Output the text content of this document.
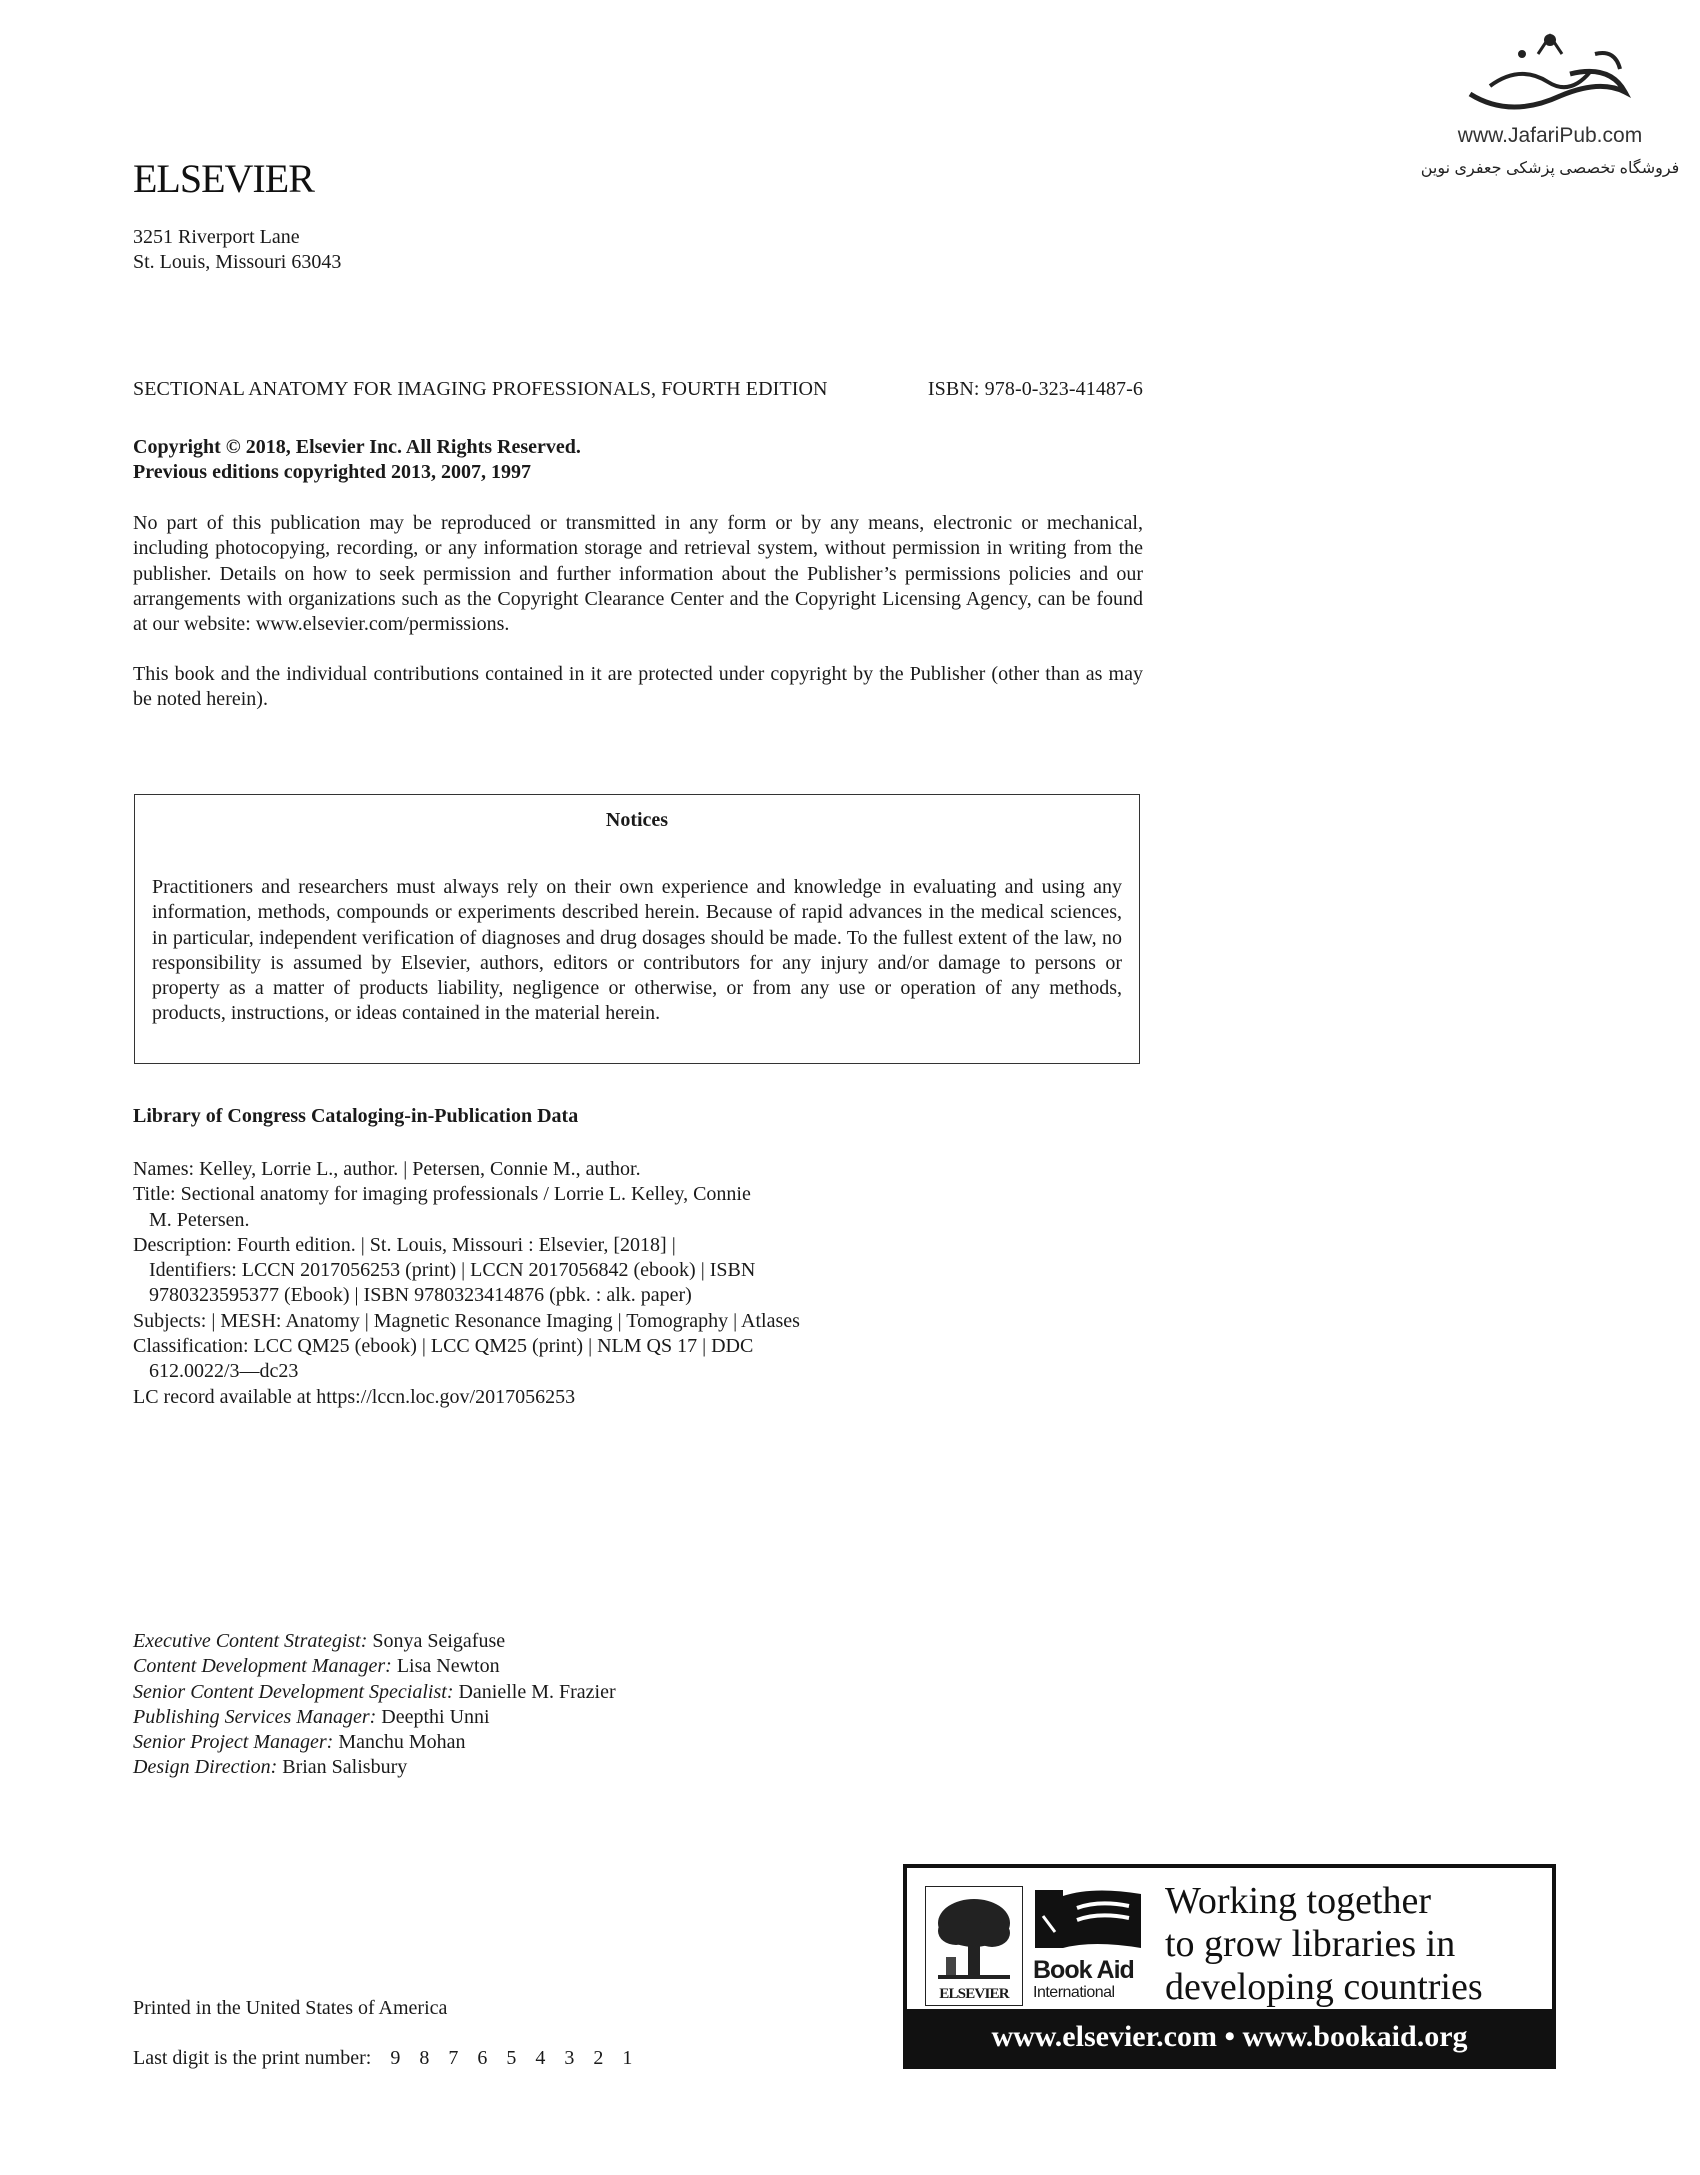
www.JafariPub.com
فروشگاه تخصصی پزشکی جعفری نوین
ELSEVIER
3251 Riverport Lane
St. Louis, Missouri 63043
SECTIONAL ANATOMY FOR IMAGING PROFESSIONALS, FOURTH EDITION	ISBN: 978-0-323-41487-6
Copyright © 2018, Elsevier Inc. All Rights Reserved.
Previous editions copyrighted 2013, 2007, 1997
No part of this publication may be reproduced or transmitted in any form or by any means, electronic or mechanical, including photocopying, recording, or any information storage and retrieval system, without permission in writing from the publisher. Details on how to seek permission and further information about the Publisher’s permissions policies and our arrangements with organizations such as the Copyright Clearance Center and the Copyright Licensing Agency, can be found at our website: www.elsevier.com/permissions.
This book and the individual contributions contained in it are protected under copyright by the Publisher (other than as may be noted herein).
Notices
Practitioners and researchers must always rely on their own experience and knowledge in evaluating and using any information, methods, compounds or experiments described herein. Because of rapid advances in the medical sciences, in particular, independent verification of diagnoses and drug dosages should be made. To the fullest extent of the law, no responsibility is assumed by Elsevier, authors, editors or contributors for any injury and/or damage to persons or property as a matter of products liability, negligence or otherwise, or from any use or operation of any methods, products, instructions, or ideas contained in the material herein.
Library of Congress Cataloging-in-Publication Data
Names: Kelley, Lorrie L., author. | Petersen, Connie M., author.
Title: Sectional anatomy for imaging professionals / Lorrie L. Kelley, Connie
M. Petersen.
Description: Fourth edition. | St. Louis, Missouri : Elsevier, [2018] |
Identifiers: LCCN 2017056253 (print) | LCCN 2017056842 (ebook) | ISBN
9780323595377 (Ebook) | ISBN 9780323414876 (pbk. : alk. paper)
Subjects: | MESH: Anatomy | Magnetic Resonance Imaging | Tomography | Atlases
Classification: LCC QM25 (ebook) | LCC QM25 (print) | NLM QS 17 | DDC
612.0022/3—dc23
LC record available at https://lccn.loc.gov/2017056253
Executive Content Strategist: Sonya Seigafuse
Content Development Manager: Lisa Newton
Senior Content Development Specialist: Danielle M. Frazier
Publishing Services Manager: Deepthi Unni
Senior Project Manager: Manchu Mohan
Design Direction: Brian Salisbury
Printed in the United States of America
Last digit is the print number: 9 8 7 6 5 4 3 2 1
ELSEVIER
Book Aid
International
Working together
to grow libraries in
developing countries
www.elsevier.com • www.bookaid.org
